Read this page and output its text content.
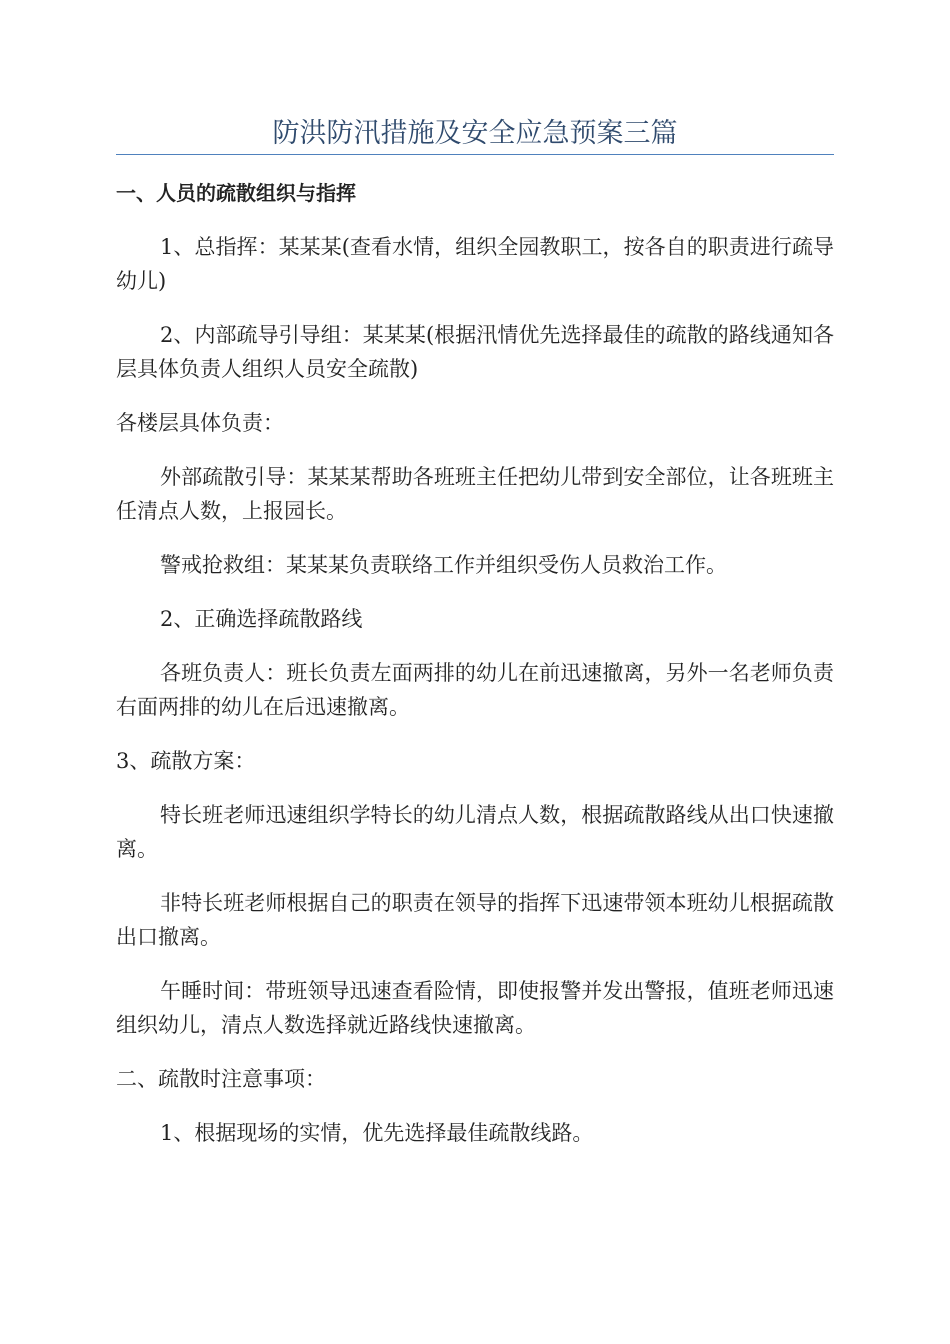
防洪防汛措施及安全应急预案三篇

一、人员的疏散组织与指挥

1、总指挥：某某某(查看水情，组织全园教职工，按各自的职责进行疏导幼儿)

2、内部疏导引导组：某某某(根据汛情优先选择最佳的疏散的路线通知各层具体负责人组织人员安全疏散)

各楼层具体负责：

外部疏散引导：某某某帮助各班班主任把幼儿带到安全部位，让各班班主任清点人数，上报园长。

警戒抢救组：某某某负责联络工作并组织受伤人员救治工作。

2、正确选择疏散路线

各班负责人：班长负责左面两排的幼儿在前迅速撤离，另外一名老师负责右面两排的幼儿在后迅速撤离。

3、疏散方案：

特长班老师迅速组织学特长的幼儿清点人数，根据疏散路线从出口快速撤离。

非特长班老师根据自己的职责在领导的指挥下迅速带领本班幼儿根据疏散出口撤离。

午睡时间：带班领导迅速查看险情，即使报警并发出警报，值班老师迅速组织幼儿，清点人数选择就近路线快速撤离。

二、疏散时注意事项：

1、根据现场的实情，优先选择最佳疏散线路。
